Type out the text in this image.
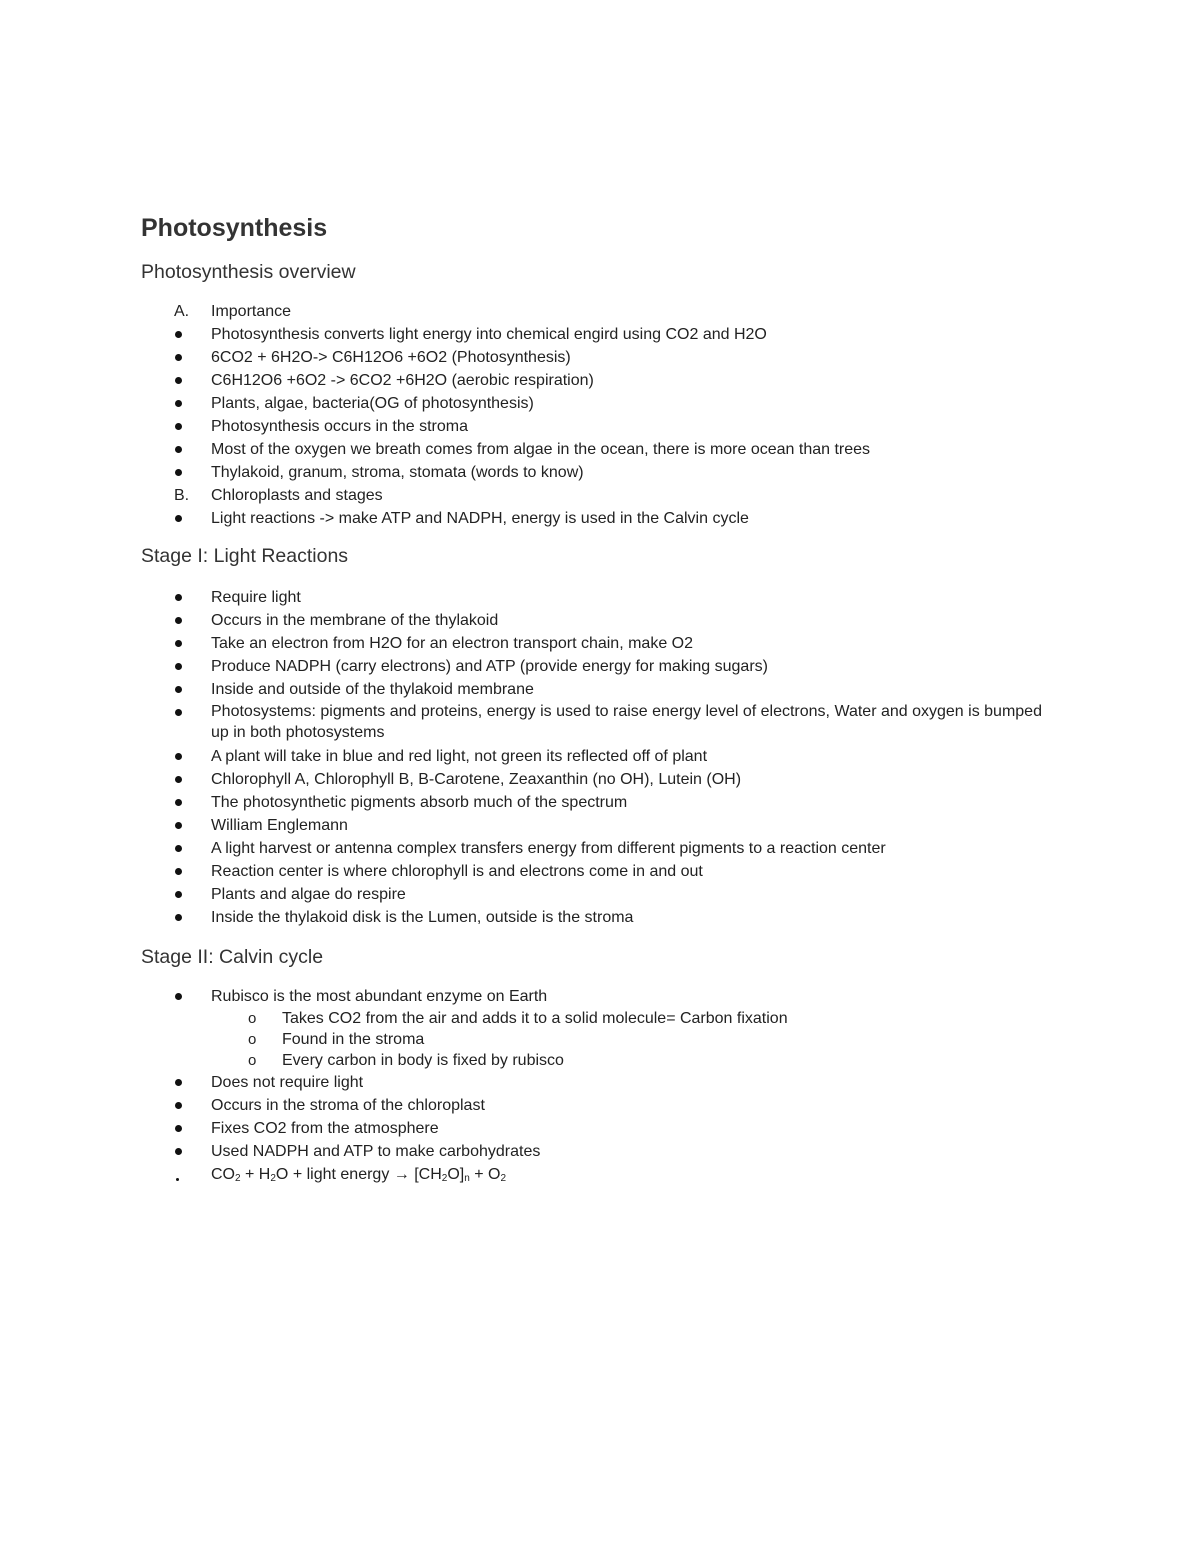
Photosynthesis
Photosynthesis overview
A.	Importance
Photosynthesis converts light energy into chemical engird using CO2 and H2O
6CO2 + 6H2O-> C6H12O6 +6O2 (Photosynthesis)
C6H12O6 +6O2 -> 6CO2 +6H2O (aerobic respiration)
Plants, algae, bacteria(OG of photosynthesis)
Photosynthesis occurs in the stroma
Most of the oxygen we breath comes from algae in the ocean, there is more ocean than trees
Thylakoid, granum, stroma, stomata (words to know)
B.	Chloroplasts and stages
Light reactions -> make ATP and NADPH, energy is used in the Calvin cycle
Stage I: Light Reactions
Require light
Occurs in the membrane of the thylakoid
Take an electron from H2O for an electron transport chain, make O2
Produce NADPH (carry electrons) and ATP (provide energy for making sugars)
Inside and outside of the thylakoid membrane
Photosystems: pigments and proteins, energy is used to raise energy level of electrons, Water and oxygen is bumped up in both photosystems
A plant will take in blue and red light, not green its reflected off of plant
Chlorophyll A, Chlorophyll B, B-Carotene, Zeaxanthin (no OH), Lutein (OH)
The photosynthetic pigments absorb much of the spectrum
William Englemann
A light harvest or antenna complex transfers energy from different pigments to a reaction center
Reaction center is where chlorophyll is and electrons come in and out
Plants and algae do respire
Inside the thylakoid disk is the Lumen, outside is the stroma
Stage II: Calvin cycle
Rubisco is the most abundant enzyme on Earth
o Takes CO2 from the air and adds it to a solid molecule= Carbon fixation
o Found in the stroma
o Every carbon in body is fixed by rubisco
Does not require light
Occurs in the stroma of the chloroplast
Fixes CO2 from the atmosphere
Used NADPH and ATP to make carbohydrates
$CO_2 + H_2O$ + light energy → $[CH_2O]_n + O_2$
